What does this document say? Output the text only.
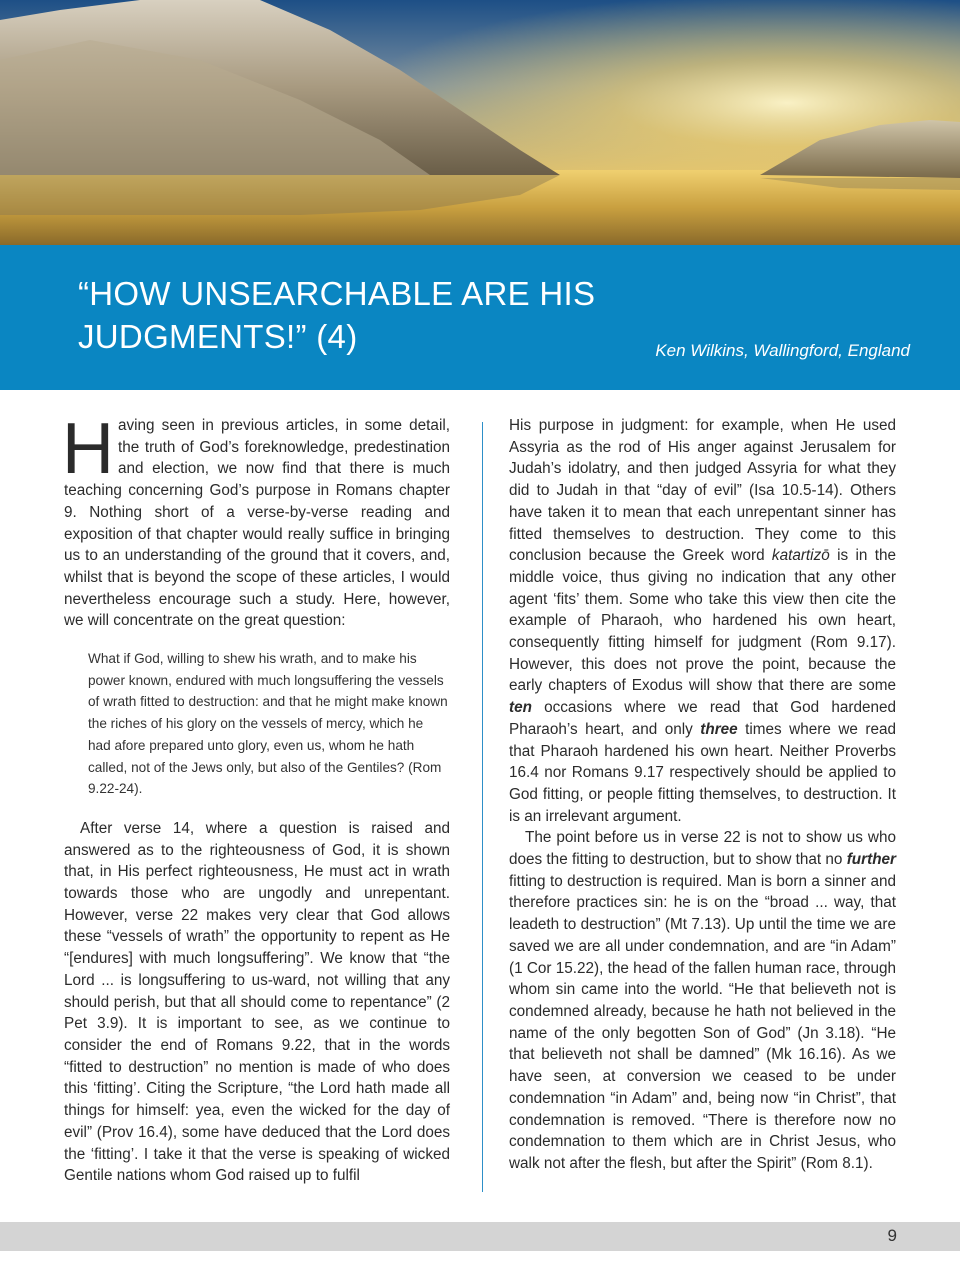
“HOW UNSEARCHABLE ARE HIS JUDGMENTS!” (4)	Ken Wilkins, Wallingford, England

Having seen in previous articles, in some detail, the truth of God’s foreknowledge, predestination and election, we now find that there is much teaching concerning God’s purpose in Romans chapter 9. Nothing short of a verse-by-verse reading and exposition of that chapter would really suffice in bringing us to an understanding of the ground that it covers, and, whilst that is beyond the scope of these articles, I would nevertheless encourage such a study. Here, however, we will concentrate on the great question:

What if God, willing to shew his wrath, and to make his power known, endured with much longsuffering the vessels of wrath fitted to destruction: and that he might make known the riches of his glory on the vessels of mercy, which he had afore prepared unto glory, even us, whom he hath called, not of the Jews only, but also of the Gentiles? (Rom 9.22-24).

After verse 14, where a question is raised and answered as to the righteousness of God, it is shown that, in His perfect righteousness, He must act in wrath towards those who are ungodly and unrepentant. However, verse 22 makes very clear that God allows these “vessels of wrath” the opportunity to repent as He “[endures] with much longsuffering”. We know that “the Lord ... is longsuffering to us-ward, not willing that any should perish, but that all should come to repentance” (2 Pet 3.9). It is important to see, as we continue to consider the end of Romans 9.22, that in the words “fitted to destruction” no mention is made of who does this ‘fitting’. Citing the Scripture, “the Lord hath made all things for himself: yea, even the wicked for the day of evil” (Prov 16.4), some have deduced that the Lord does the ‘fitting’. I take it that the verse is speaking of wicked Gentile nations whom God raised up to fulfil

His purpose in judgment: for example, when He used Assyria as the rod of His anger against Jerusalem for Judah’s idolatry, and then judged Assyria for what they did to Judah in that “day of evil” (Isa 10.5-14). Others have taken it to mean that each unrepentant sinner has fitted themselves to destruction. They come to this conclusion because the Greek word katartizō is in the middle voice, thus giving no indication that any other agent ‘fits’ them. Some who take this view then cite the example of Pharaoh, who hardened his own heart, consequently fitting himself for judgment (Rom 9.17). However, this does not prove the point, because the early chapters of Exodus will show that there are some ten occasions where we read that God hardened Pharaoh’s heart, and only three times where we read that Pharaoh hardened his own heart. Neither Proverbs 16.4 nor Romans 9.17 respectively should be applied to God fitting, or people fitting themselves, to destruction. It is an irrelevant argument.

The point before us in verse 22 is not to show us who does the fitting to destruction, but to show that no further fitting to destruction is required. Man is born a sinner and therefore practices sin: he is on the “broad ... way, that leadeth to destruction” (Mt 7.13). Up until the time we are saved we are all under condemnation, and are “in Adam” (1 Cor 15.22), the head of the fallen human race, through whom sin came into the world. “He that believeth not is condemned already, because he hath not believed in the name of the only begotten Son of God” (Jn 3.18). “He that believeth not shall be damned” (Mk 16.16). As we have seen, at conversion we ceased to be under condemnation “in Adam” and, being now “in Christ”, that condemnation is removed. “There is therefore now no condemnation to them which are in Christ Jesus, who walk not after the flesh, but after the Spirit” (Rom 8.1).

9
